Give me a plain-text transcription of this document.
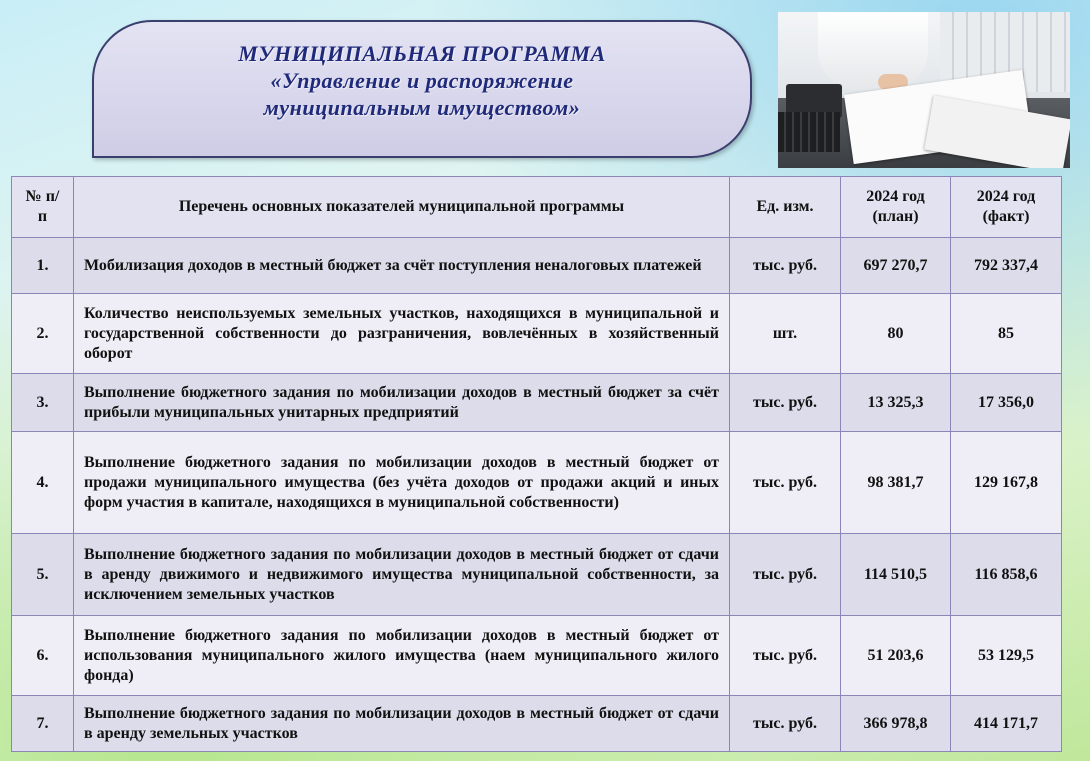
МУНИЦИПАЛЬНАЯ ПРОГРАММА
«Управление и распоряжение
муниципальным имуществом»
№ п/п	Перечень основных показателей муниципальной программы	Ед. изм.	2024 год (план)	2024 год (факт)
1.	Мобилизация доходов в местный бюджет за счёт поступления неналоговых платежей	тыс. руб.	697 270,7	792 337,4
2.	Количество неиспользуемых земельных участков, находящихся в муниципальной и государственной собственности до разграничения, вовлечённых в хозяйственный оборот	шт.	80	85
3.	Выполнение бюджетного задания по мобилизации доходов в местный бюджет за счёт прибыли муниципальных унитарных предприятий	тыс. руб.	13 325,3	17 356,0
4.	Выполнение бюджетного задания по мобилизации доходов в местный бюджет от продажи муниципального имущества (без учёта доходов от продажи акций и иных форм участия в капитале, находящихся в муниципальной собственности)	тыс. руб.	98 381,7	129 167,8
5.	Выполнение бюджетного задания по мобилизации доходов в местный бюджет от сдачи в аренду движимого и недвижимого имущества муниципальной собственности, за исключением земельных участков	тыс. руб.	114 510,5	116 858,6
6.	Выполнение бюджетного задания по мобилизации доходов в местный бюджет от использования муниципального жилого имущества (наем муниципального жилого фонда)	тыс. руб.	51 203,6	53 129,5
7.	Выполнение бюджетного задания по мобилизации доходов в местный бюджет от сдачи в аренду земельных участков	тыс. руб.	366 978,8	414 171,7
